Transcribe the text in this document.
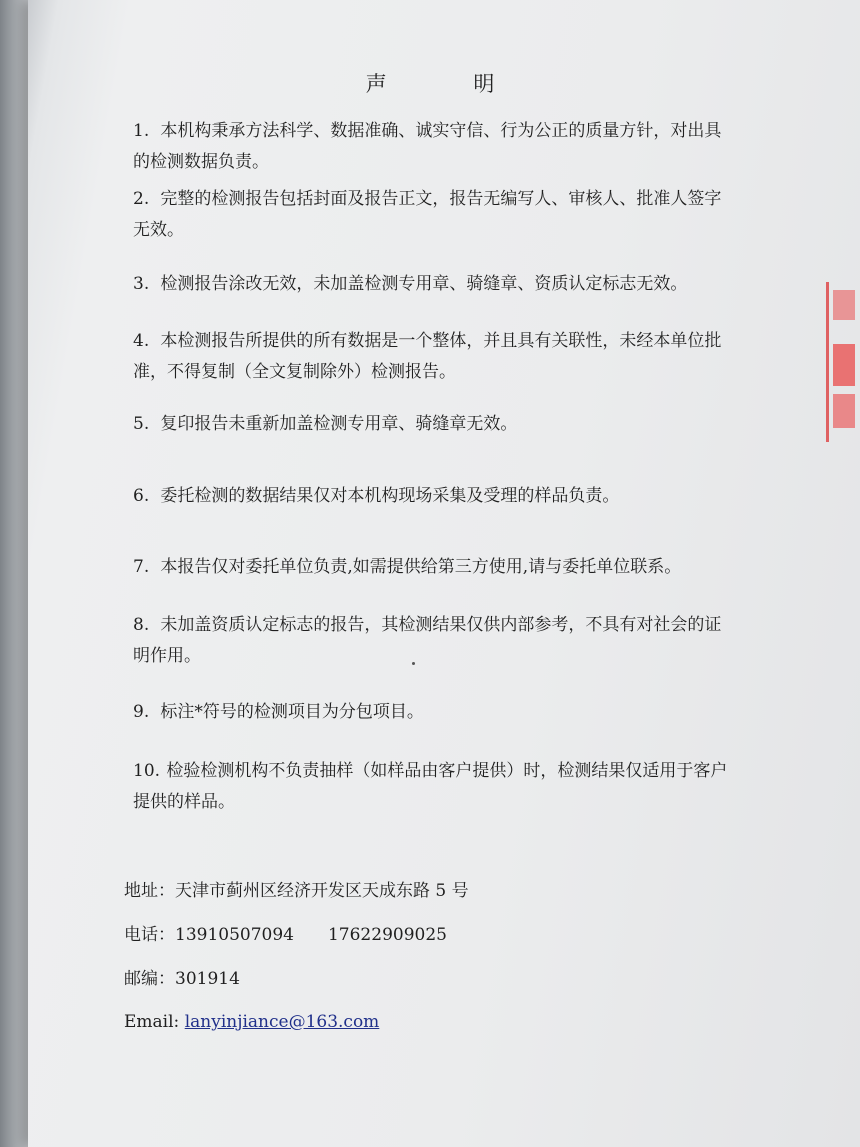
声 明
1. 本机构秉承方法科学、数据准确、诚实守信、行为公正的质量方针，对出具的检测数据负责。
2. 完整的检测报告包括封面及报告正文，报告无编写人、审核人、批准人签字无效。
3. 检测报告涂改无效，未加盖检测专用章、骑缝章、资质认定标志无效。
4. 本检测报告所提供的所有数据是一个整体，并且具有关联性，未经本单位批准，不得复制（全文复制除外）检测报告。
5. 复印报告未重新加盖检测专用章、骑缝章无效。
6. 委托检测的数据结果仅对本机构现场采集及受理的样品负责。
7. 本报告仅对委托单位负责,如需提供给第三方使用,请与委托单位联系。
8. 未加盖资质认定标志的报告，其检测结果仅供内部参考，不具有对社会的证明作用。
9. 标注*符号的检测项目为分包项目。
10. 检验检测机构不负责抽样（如样品由客户提供）时，检测结果仅适用于客户提供的样品。
地址：天津市蓟州区经济开发区天成东路 5 号
电话：13910507094 17622909025
邮编：301914
Email: lanyinjiance@163.com
